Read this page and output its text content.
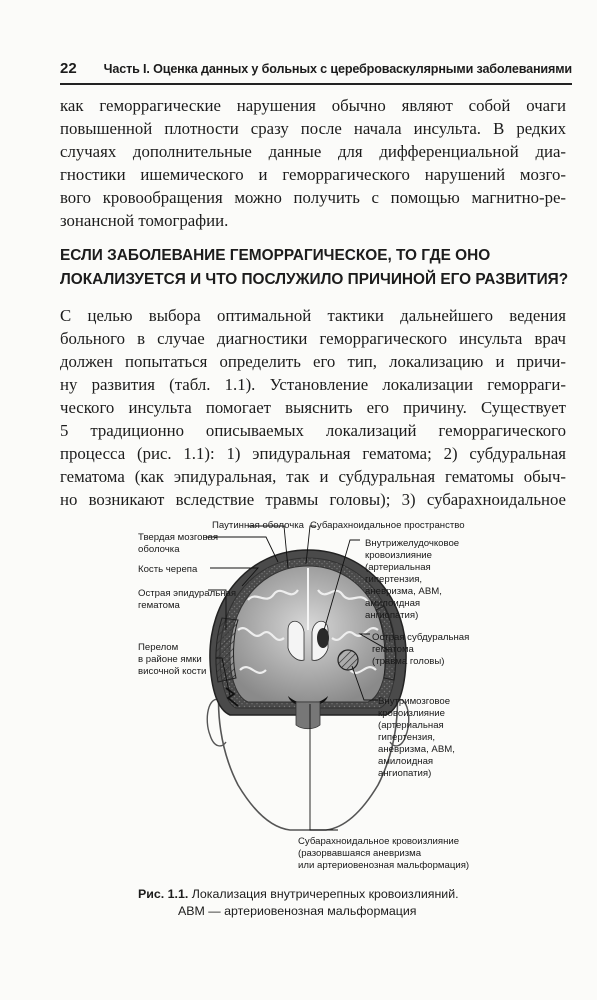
22 Часть I. Оценка данных у больных с цереброваскулярными заболеваниями
как геморрагические нарушения обычно являют собой очаги
повышенной плотности сразу после начала инсульта. В редких
случаях дополнительные данные для дифференциальной диа-
гностики ишемического и геморрагического нарушений мозго-
вого кровообращения можно получить с помощью магнитно-ре-
зонансной томографии.
ЕСЛИ ЗАБОЛЕВАНИЕ ГЕМОРРАГИЧЕСКОЕ, ТО ГДЕ ОНО
ЛОКАЛИЗУЕТСЯ И ЧТО ПОСЛУЖИЛО ПРИЧИНОЙ ЕГО РАЗВИТИЯ?
С целью выбора оптимальной тактики дальнейшего ведения
больного в случае диагностики геморрагического инсульта врач
должен попытаться определить его тип, локализацию и причи-
ну развития (табл. 1.1). Установление локализации геморраги-
ческого инсульта помогает выяснить его причину. Существует
5 традиционно описываемых локализаций геморрагического
процесса (рис. 1.1): 1) эпидуральная гематома; 2) субдуральная
гематома (как эпидуральная, так и субдуральная гематомы обыч-
но возникают вследствие травмы головы); 3) субарахноидальное
Твердая мозговая
оболочка
Паутинная оболочка Субарахноидальное пространство
Кость черепа
Острая эпидуральная
гематома
Внутрижелудочковое
кровоизлияние
(артериальная
гипертензия,
аневризма, АВМ,
амилоидная
ангиопатия)
Перелом
в районе ямки
височной кости
Острая субдуральная
гематома
(травма головы)
Внутримозговое
кровоизлияние
(артериальная
гипертензия,
аневризма, АВМ,
амилоидная
ангиопатия)
Субарахноидальное кровоизлияние
(разорвавшаяся аневризма
или артериовенозная мальформация)
Рис. 1.1. Локализация внутричерепных кровоизлияний.
АВМ — артериовенозная мальформация
